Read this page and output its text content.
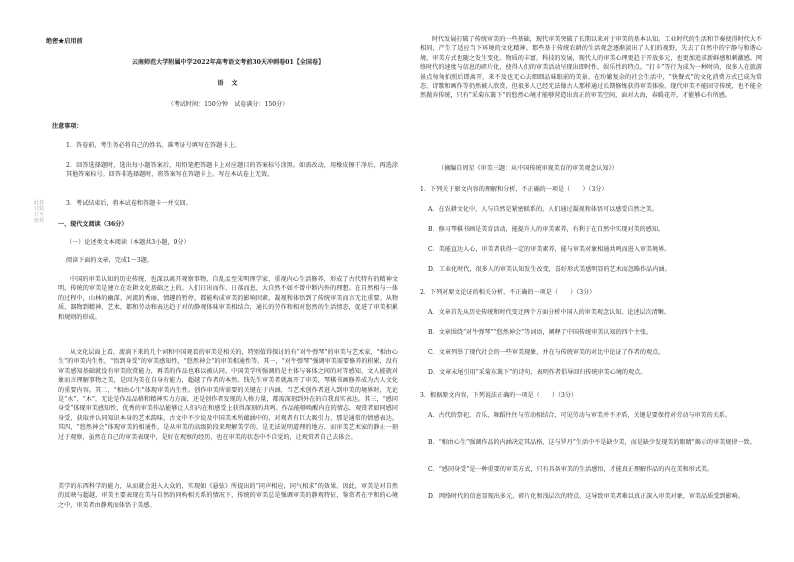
此卷只装订不密封

绝密★启用前

云南师范大学附属中学2022年高考语文考前30天冲刺卷01【全国卷】

语　文

（考试时间：150分钟　试卷满分：150分）

注意事项：

1．答卷前，考生务必将自己的姓名、准考证号填写在答题卡上。

2．回答选择题时，选出每小题答案后，用铅笔把答题卡上对应题目的答案标号涂黑。如需改动，用橡皮擦干净后，再选涂其他答案标号。回答非选择题时，将答案写在答题卡上。写在本试卷上无效。

3．考试结束后，将本试卷和答题卡一并交回。

一、现代文阅读（36分）

（一）论述类文本阅读（本题共3小题，9分）

阅读下面的文章，完成1～3题。

中国的审美认知的历史传统，也深以离开观察事物，自乱孟至宋明理学家，重视内心生活修养，形成了古代特有的精神文明。传统的审美是建立在农耕文化基础之上的。人们日出而作、日落而息，大自然不如不曾中断内外的理想。在自然相与一体的过程中，山林的幽深、河流的秀丽、情趣的暂停，都能构成审美的影响因素，凝视和体悟到了传统审美而言无比重要。从物质、器物到精神、艺术，都和劳动和表达趋于对的静观体味审美相结合，通长的劳作和相对悠然的生活情态，促进了审美积累和规则的形成。

从文化层面上看，流淌下来的几个词和中国观看的审美是相关的，特别值得探讨的有“对牛弹琴”的审美与艺术家，“相由心生”的审美内生性，“悟到身受”的审美感知性，“悠然神会”的审美相通性等。其一，“对牛弹琴”强调审美需要修养的积累，没有审美感知基础就没有审美欣赏能力，再美的作品也难以被认同。中国美学所强调的是主体与客体之间的对等感知，文人能就对象而言理解事物之美，是因为美在自身有能力，超越了作者的本然。钱先生审美者就离开了审美，琴棋书画修养成为古人文化的重要内容。其二，“相由心生”体现审美内生性。创作审美所需要的关键在于内涵，当艺术创作者进入到审美的境界时，无论是“水”、“木”，无论是作品品格和精神实力方面，还是创作者发现的人格力量，都需深刻到外在的自我真实表达。其三，“感同身受”体现审美感知性，优秀的审美作品能够让人们内在和感受上获得深刻的共鸣。作品能够唤醒内在的情志，观赏者如同感同身受，获取并认同知识本身的艺术韵味，古文中不少说及中国美术所蕴涵中的，对观者有巨大吸引力，那是通常的情感表达。其四，“悠然神会”体现审美的相通性，是从审美的高级阶段来理解美学的，是无法说明道理的地方，而审美艺术家的静止一刻过于观察，虽然在自己的审美表现中，是好在观察的经历，也在审美的状态中不自觉的，让观赏者自己去体会。

美学的东西科学的能力，从而就会进入大众的，实现如《悬弦》所提出的“同声相应，同气相求”的效果。因此，审美是对自然的反映与超越，审美主要表现在美与自然的同构相关系的情况下，传统的审美总是强调审美的静观特征，鉴赏者在平和的心境之中，审美者由静观而体悟于美感。

时代发展打破了传统审美的一些基础，现代审美突破了长期以来对于审美的基本认知。工业时代的生活和节奏使得时代大不相同，产生了适应当下环境的文化精神。那些基于传统农耕的生活观念逐渐淡出了人们的视野，失去了自然中的宁静与和谐心境，审美方式也随之发生变化。物质的丰富，科技的发展，现代人的审美心理更趋于开放多元，也更加追求新鲜感和刺激感。网络时代的速度与信息的碎片化，使得人们的审美活动呈现出即时性、娱乐性的特点。“打卡”等行为成为一种时尚，很多人在旅游景点匆匆拍照后即离开，来不及也无心去细细品味眼前的美景。在纷繁复杂的社会生活中，“快餐式”的文化消费方式已成为常态，诗歌和画作等仍然被人欣赏，但很多人已经无法像古人那样通过长期修炼获得审美体验。现代审美不能固守传统，也不能全然抛弃传统，只有“采菊东篱下”的悠然心境才能够营造出真正的审美空间，面对大海，春暖花开，才能够心有所感。

（摘编自周星《审美三题：从中国传统审视美育的审美观念认知》）

1．下列关于原文内容的理解和分析，不正确的一项是（　　）（3分）

A．在农耕文化中，人与自然是紧密联系的，人们通过凝视和体悟可以感受自然之美。

B．修习琴棋书画是美育活动，能提升人的审美素养，有利于在自然中实现对美的感知。

C．美能直达人心，审美者获得一定的审美素养，能与审美对象相通共鸣而进入审美境界。

D．工业化时代，很多人的审美认知发生改变，喜好形式美感明显的艺术而忽略作品内涵。

2．下列对原文论证的相关分析，不正确的一项是（　　）（3分）

A．文章首先从历史传统和时代变迁两个方面分析中国人的审美观念认知，论述层次清晰。

B．文章围绕“对牛弹琴”“悠然神会”等词语，阐释了中国传统审美认知的四个主张。

C．文章列举了现代社会的一些审美现象，并在与传统审美的对比中论证了作者的观点。

D．文章末尾引用“采菊东篱下”的诗句，表明作者倡导回归传统审美心境的观点。

3．根据原文内容，下列说法正确的一项是（　　）（3分）

A．古代的祭祀、音乐、舞蹈往往与劳动相结合，可见劳动与审美并不矛盾，关键是要保持对劳动与审美的关系。

B．“相由心生”强调作品的内涵决定其品格，这与罗丹“生活中不是缺少美，而是缺少发现美的眼睛”揭示的审美规律一致。

C．“感同身受”是一种重要的审美方式，只有具备审美的生活感悟，才能真正理解作品的内在美和形式美。

D．网络时代的信息显现出多元、碎片化和浅层次的特点，这导致审美者难以真正深入审美对象，审美品质受到影响。
